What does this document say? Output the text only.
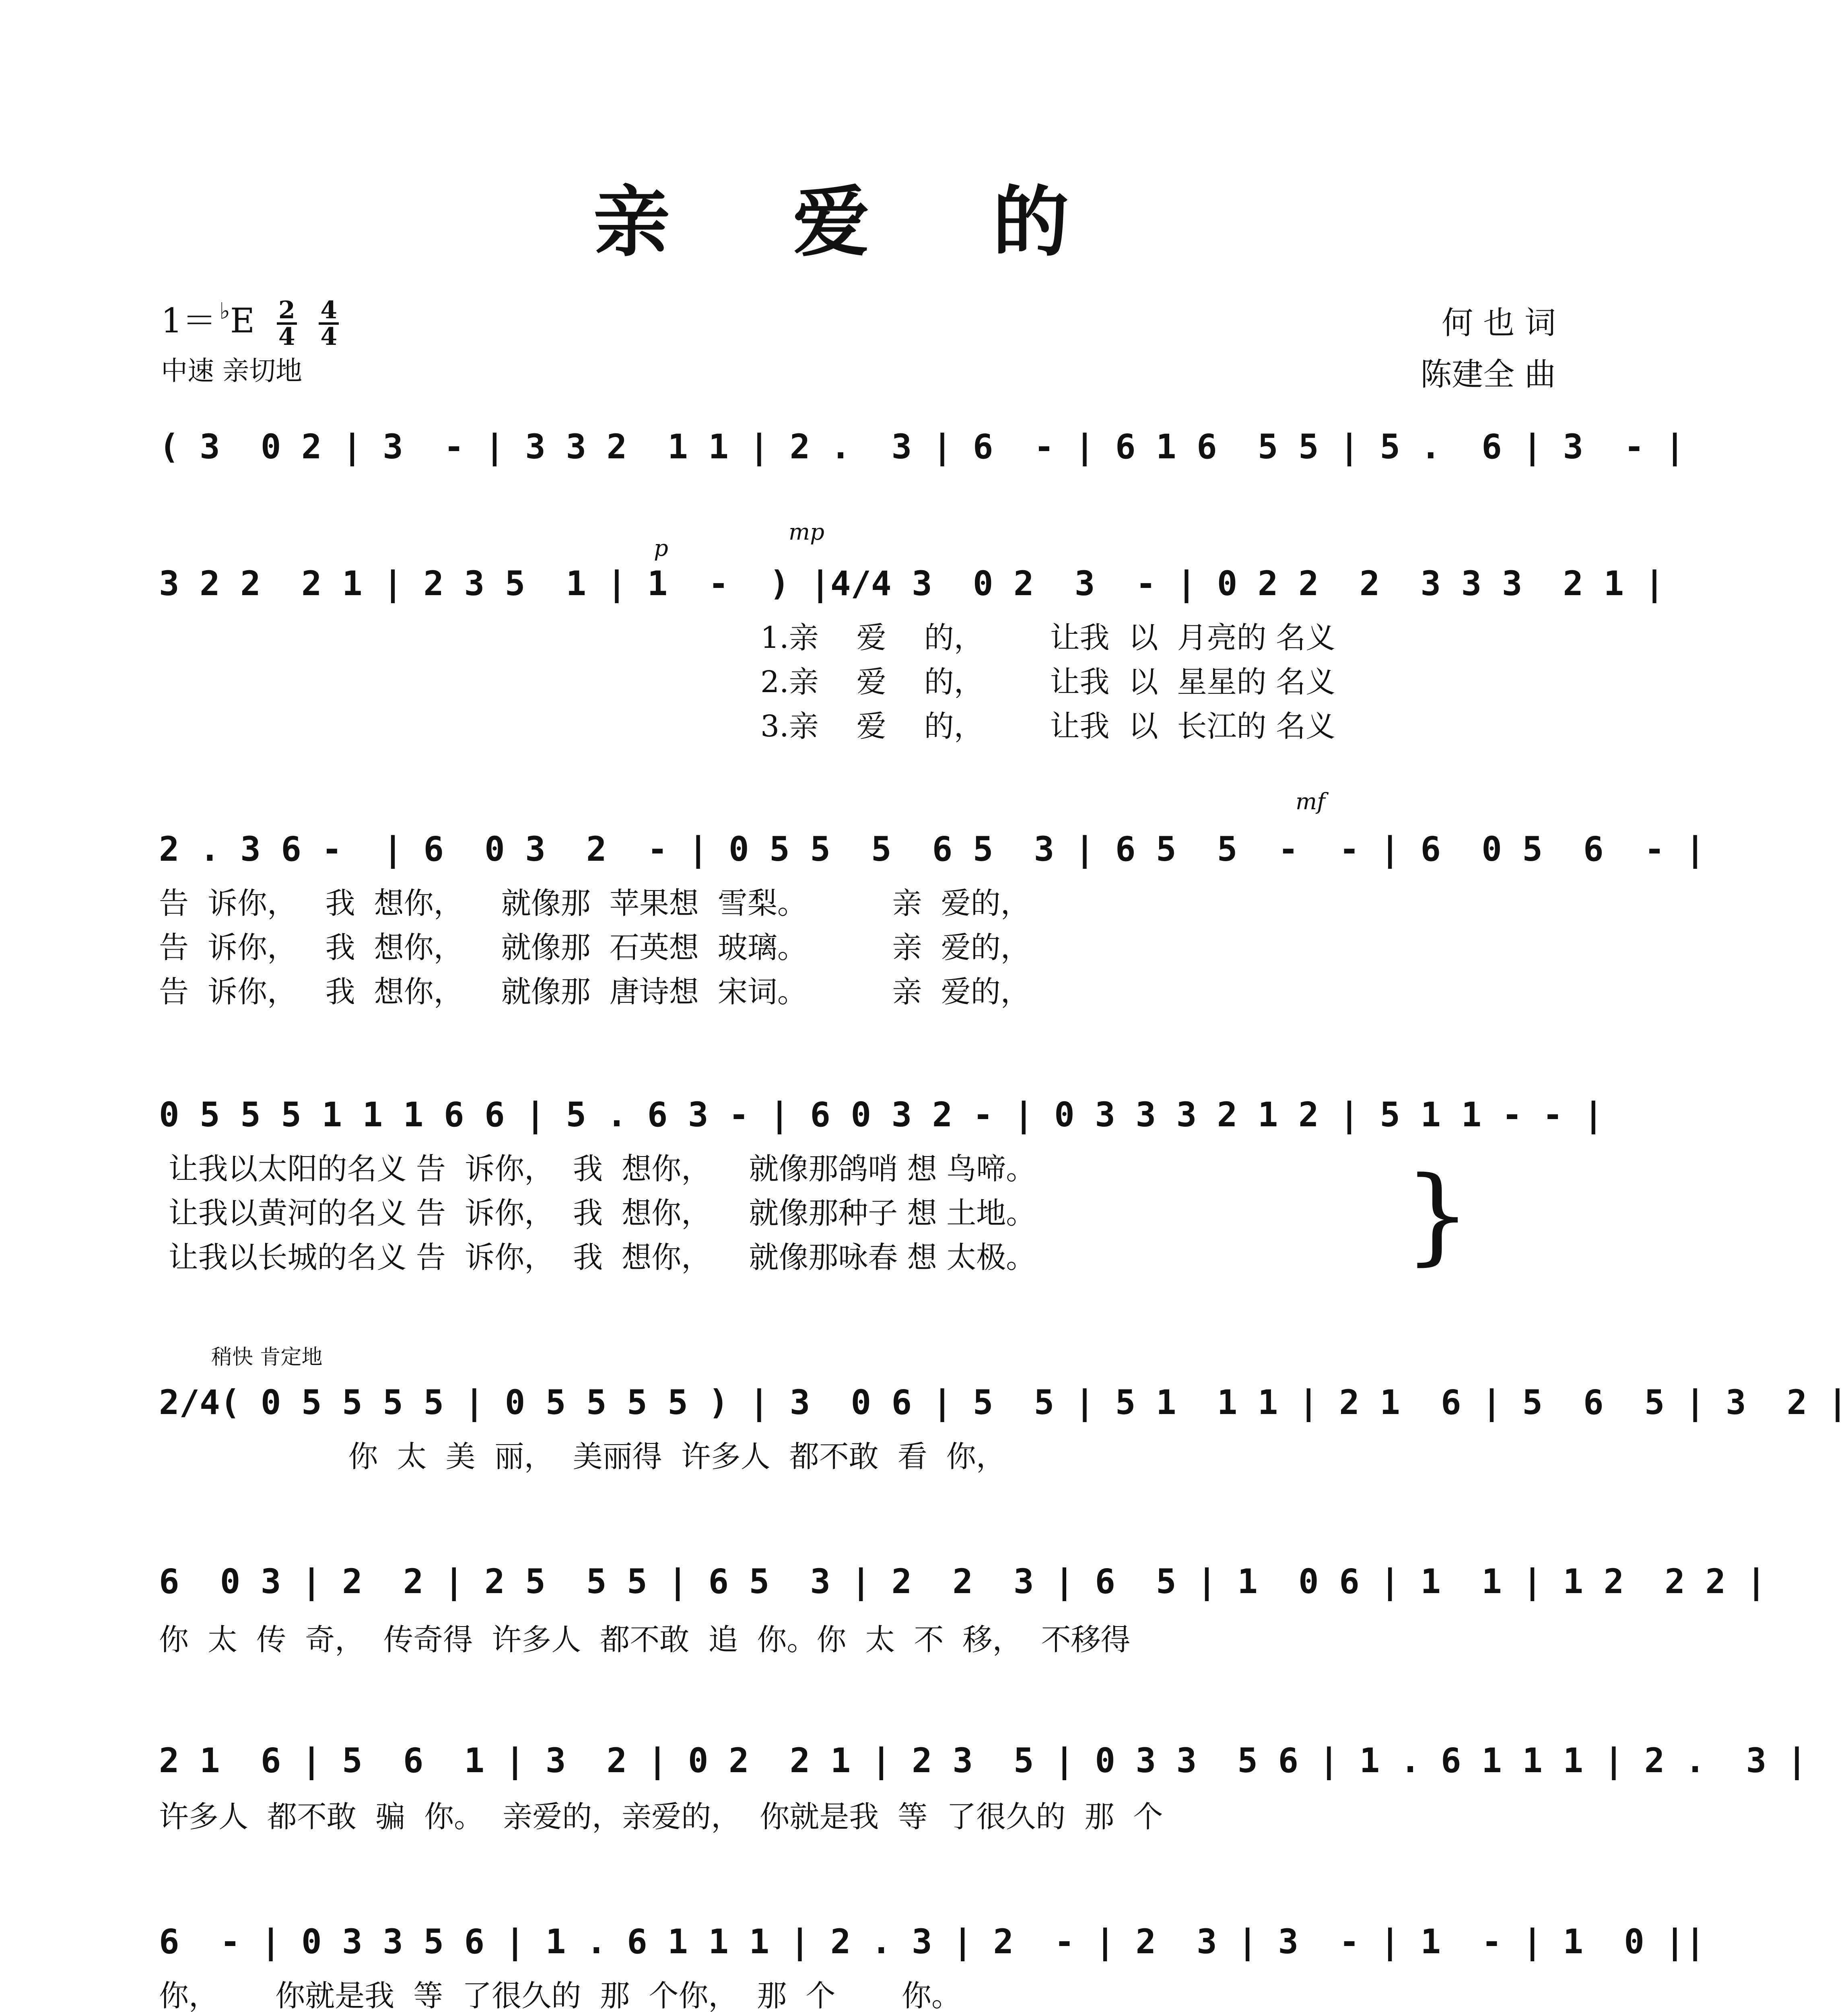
亲 爱 的
$1= ^♭E \frac{2}{4}$
$\frac{4}{4}$
中速 亲切地
何 也 词
陈建全 曲
( 3  0 2 | 3  - | 3 3 2  1 1 | 2 .  3 | 6  - | 6 1 6  5 5 | 5 .  6 | 3  - |
p
mp
3 2 2  2 1 | 2 3 5  1 | 1  -  ) |4/4 3  0 2  3  - | 0 2 2  2  3 3 3  2 1 |
1.亲    爱    的，       让我  以  月亮的 名义
2.亲    爱    的，       让我  以  星星的 名义
3.亲    爱    的，       让我  以  长江的 名义
mf
2 . 3 6 -  | 6  0 3  2  - | 0 5 5  5  6 5  3 | 6 5  5  -  - | 6  0 5  6  - |
告  诉你，   我  想你，    就像那  苹果想  雪梨。         亲  爱的，
告  诉你，   我  想你，    就像那  石英想  玻璃。         亲  爱的，
告  诉你，   我  想你，    就像那  唐诗想  宋词。         亲  爱的，
0 5 5 5 1 1 1 6 6 | 5 . 6 3 - | 6 0 3 2 - | 0 3 3 3 2 1 2 | 5 1 1 - - |
让我以太阳的名义 告  诉你，  我  想你，    就像那鸽哨 想 鸟啼。
让我以黄河的名义 告  诉你，  我  想你，    就像那种子 想 土地。
让我以长城的名义 告  诉你，  我  想你，    就像那咏春 想 太极。	}
稍快 肯定地
2/4( 0 5 5 5 5 | 0 5 5 5 5 ) | 3  0 6 | 5  5 | 5 1  1 1 | 2 1  6 | 5  6  5 | 3  2 |
你  太  美  丽，  美丽得  许多人  都不敢  看  你，
6  0 3 | 2  2 | 2 5  5 5 | 6 5  3 | 2  2  3 | 6  5 | 1  0 6 | 1  1 | 1 2  2 2 |
你  太  传  奇，  传奇得  许多人  都不敢  追  你。你  太  不  移，  不移得
2 1  6 | 5  6  1 | 3  2 | 0 2  2 1 | 2 3  5 | 0 3 3  5 6 | 1 . 6 1 1 1 | 2 .  3 |
许多人  都不敢  骗  你。  亲爱的，亲爱的，  你就是我  等  了很久的  那  个
6  - | 0 3 3 5 6 | 1 . 6 1 1 1 | 2 . 3 | 2  - | 2  3 | 3  - | 1  - | 1  0 ||
你，      你就是我  等  了很久的  那  个你，  那  个       你。
